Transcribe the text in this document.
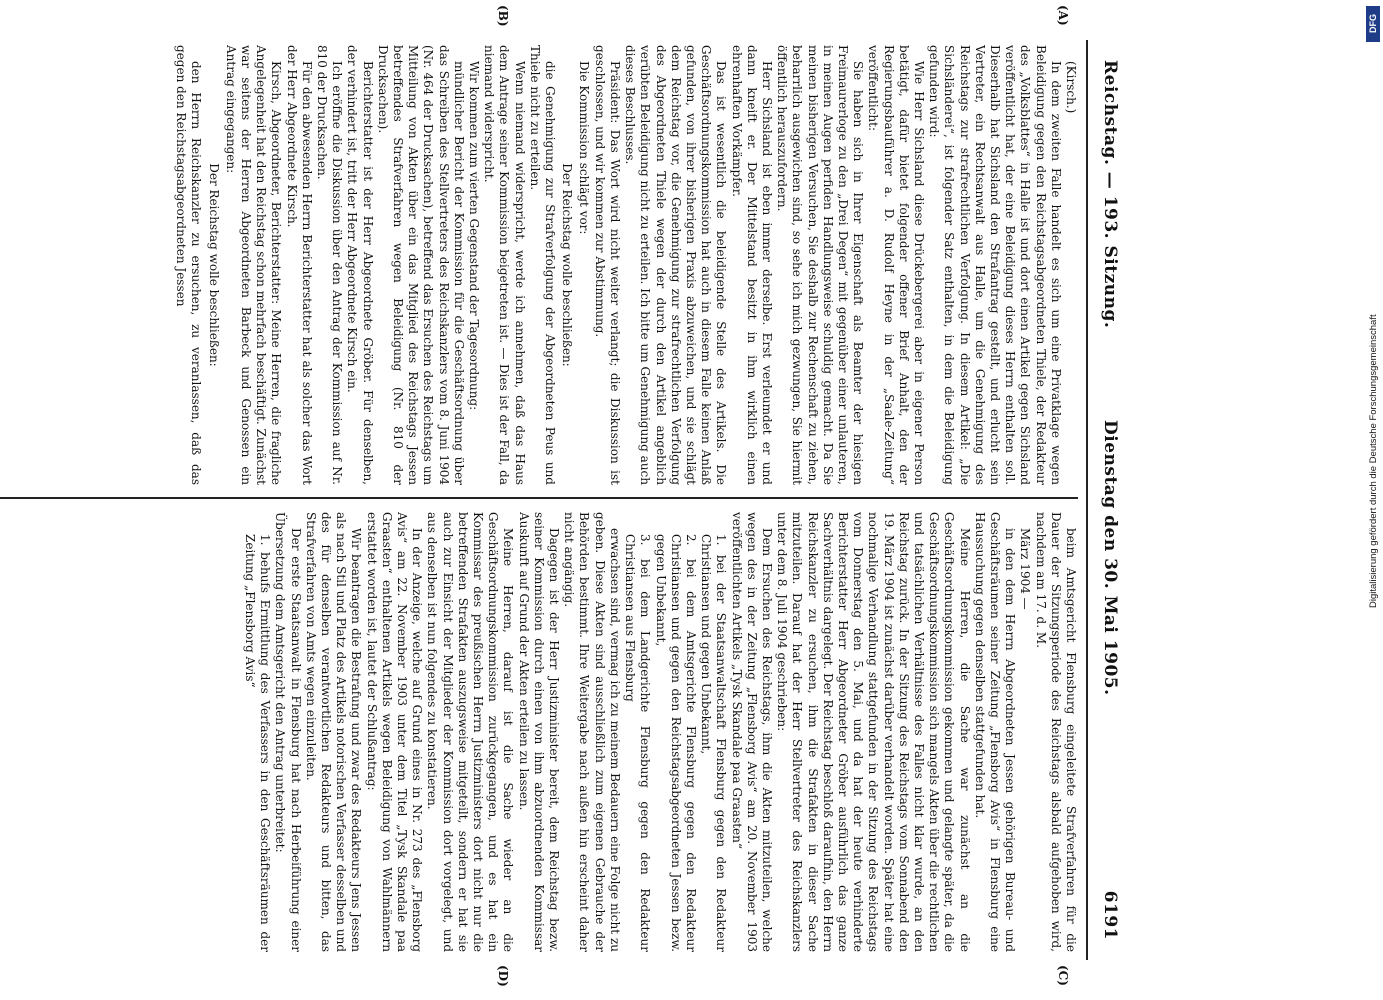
Reichstag. — 193. Sitzung.
Dienstag den 30. Mai 1905.
6191
(A)
(B)
(C)
(D)

(Kirsch.)

In dem zweiten Falle handelt es sich um eine Privatklage wegen Beleidigung gegen den Reichstagsabgeordneten Thiele, der Redakteur des „Volksblattes“ in Halle ist und dort einen Artikel gegen Sichsland veröffentlicht hat, der eine Beleidigung dieses Herrn enthalten soll. Dieserhalb hat Sichsland den Strafantrag gestellt, und erlucht sein Vertreter, ein Rechtsanwalt aus Halle, um die Genehmigung des Reichstags zur strafrechtlichen Verfolgung. In diesem Artikel: „Die Sichsländerei“, ist folgender Satz enthalten, in dem die Beleidigung gefunden wird:

Wie Herr Sichsland diese Drückebergerei aber in eigener Person betätigt, dafür bietet folgender offener Brief Anhalt, den der Regierungsbauführer a. D. Rudolf Heyne in der „Saale-Zeitung“ veröffentlicht:

Sie haben sich in Ihrer Eigenschaft als Beamter der hiesigen Freimaurerloge zu den „Drei Degen“ mit gegenüber einer unlauteren, in meinen Augen perfiden Handlungsweise schuldig gemacht. Da Sie meinen bisherigen Versuchen, Sie deshalb zur Rechenschaft zu ziehen, beharrlich ausgewichen sind, so sehe ich mich gezwungen, Sie hiermit öffentlich herauszufordern.

Herr Sichsland ist eben immer derselbe. Erst verleumdet er und dann kneift er. Der Mittelstand besitzt in ihm wirklich einen ehrenhaften Vorkämpfer.

Das ist wesentlich die beleidigende Stelle des Artikels. Die Geschäftsordnungskommission hat auch in diesem Falle keinen Anlaß gefunden, von ihrer bisherigen Praxis abzuweichen, und sie schlägt dem Reichstag vor, die Genehmigung zur strafrechtlichen Verfolgung des Abgeordneten Thiele wegen der durch den Artikel angeblich verübten Beleidigung nicht zu erteilen. Ich bitte um Genehmigung auch dieses Beschlusses.

Präsident: Das Wort wird nicht weiter verlangt; die Diskussion ist geschlossen, und wir kommen zur Abstimmung.

Die Kommission schlägt vor:

Der Reichstag wolle beschließen:

die Genehmigung zur Strafverfolgung der Abgeordneten Peus und Thiele nicht zu erteilen.

Wenn niemand widerspricht, werde ich annehmen, daß das Haus dem Antrage seiner Kommission beigetreten ist. — Dies ist der Fall, da niemand widerspricht.

Wir kommen zum vierten Gegenstand der Tagesordnung:

mündlicher Bericht der Kommission für die Geschäftsordnung über das Schreiben des Stellvertreters des Reichskanzlers vom 8. Juni 1904 (Nr. 464 der Drucksachen), betreffend das Ersuchen des Reichstags um Mitteilung von Akten über ein das Mitglied des Reichstags Jessen betreffendes Strafverfahren wegen Beleidigung (Nr. 810 der Drucksachen).

Berichterstatter ist der Herr Abgeordnete Gröber. Für denselben, der verhindert ist, tritt der Herr Abgeordnete Kirsch ein.

Ich eröffne die Diskussion über den Antrag der Kommission auf Nr. 810 der Drucksachen.

Für den abwesenden Herrn Berichterstatter hat als solcher das Wort der Herr Abgeordnete Kirsch.

Kirsch, Abgeordneter, Berichterstatter: Meine Herren, die fragliche Angelegenheit hat den Reichstag schon mehrfach beschäftigt. Zunächst war seitens der Herren Abgeordneten Barbeck und Genossen ein Antrag eingegangen:

Der Reichstag wolle beschließen:

den Herrn Reichskanzler zu ersuchen, zu veranlassen, daß das gegen den Reichstagsabgeordneten Jessen

beim Amtsgericht Flensburg eingeleitete Strafverfahren für die Dauer der Sitzungsperiode des Reichstags alsbald aufgehoben wird, nachdem am 17. d. M.

März 1904 —

in den dem Herrn Abgeordneten Jessen gehörigen Bureau- und Geschäftsräumen seiner Zeitung „Flensborg Avis“ in Flensburg eine Haussuchung gegen denselben stattgefunden hat.

Meine Herren, die Sache war zunächst an die Geschäftsordnungskommission gekommen und gelangte später, da die Geschäftsordnungskommission sich mangels Akten über die rechtlichen und tatsächlichen Verhältnisse des Falles nicht klar wurde, an den Reichstag zurück. In der Sitzung des Reichstags vom Sonnabend den 19. März 1904 ist zunächst darüber verhandelt worden. Später hat eine nochmalige Verhandlung stattgefunden in der Sitzung des Reichstags vom Donnerstag den 5. Mai, und da hat der heute verhinderte Berichterstatter Herr Abgeordneter Gröber ausführlich das ganze Sachverhältnis dargelegt. Der Reichstag beschloß daraufhin, den Herrn Reichskanzler zu ersuchen, ihm die Strafakten in dieser Sache mitzuteilen. Darauf hat der Herr Stellvertreter des Reichskanzlers unter dem 8. Juli 1904 geschrieben:

Dem Ersuchen des Reichstags, ihm die Akten mitzuteilen, welche wegen des in der Zeitung „Flensborg Avis“ am 20. November 1903 veröffentlichten Artikels „Tysk Skandale paa Graasten“

1. bei der Staatsanwaltschaft Flensburg gegen den Redakteur Christiansen und gegen Unbekannt,

2. bei dem Amtsgerichte Flensburg gegen den Redakteur Christiansen und gegen den Reichstagsabgeordneten Jessen bezw. gegen Unbekannt,

3. bei dem Landgerichte Flensburg gegen den Redakteur Christiansen aus Flensburg

erwachsen sind, vermag ich zu meinem Bedauern eine Folge nicht zu geben. Diese Akten sind ausschließlich zum eigenen Gebrauche der Behörden bestimmt. Ihre Weitergabe nach außen hin erscheint daher nicht angängig.

Dagegen ist der Herr Justizminister bereit, dem Reichstag bezw. seiner Kommission durch einen von ihm abzuordnenden Kommissar Auskunft auf Grund der Akten erteilen zu lassen.

Meine Herren, darauf ist die Sache wieder an die Geschäftsordnungskommission zurückgegangen, und es hat ein Kommissar des preußischen Herrn Justizministers dort nicht nur die betreffenden Strafakten auszugsweise mitgeteilt, sondern er hat sie auch zur Einsicht der Mitglieder der Kommission dort vorgelegt, und aus denselben ist nun folgendes zu konstatieren.

In der Anzeige, welche auf Grund eines in Nr. 273 des „Flensborg Avis“ am 22. November 1903 unter dem Titel „Tysk Skandale paa Graasten“ enthaltenen Artikels wegen Beleidigung von Wahlmännern erstattet worden ist, lautet der Schlußantrag:

Wir beantragen die Bestrafung und zwar des Redakteurs Jens Jessen als nach Stil und Platz des Artikels notorischen Verfasser desselben und des für denselben verantwortlichen Redakteurs und bitten, das Strafverfahren von Amts wegen einzuleiten.

Der erste Staatsanwalt in Flensburg hat nach Herbeiführung einer Übersetzung dem Amtsgericht den Antrag unterbreitet:

1. behufs Ermittlung des Verfassers in den Geschäftsräumen der Zeitung „Flensborg Avis“

DFG
Digitalisierung gefördert durch die Deutsche Forschungsgemeinschaft
